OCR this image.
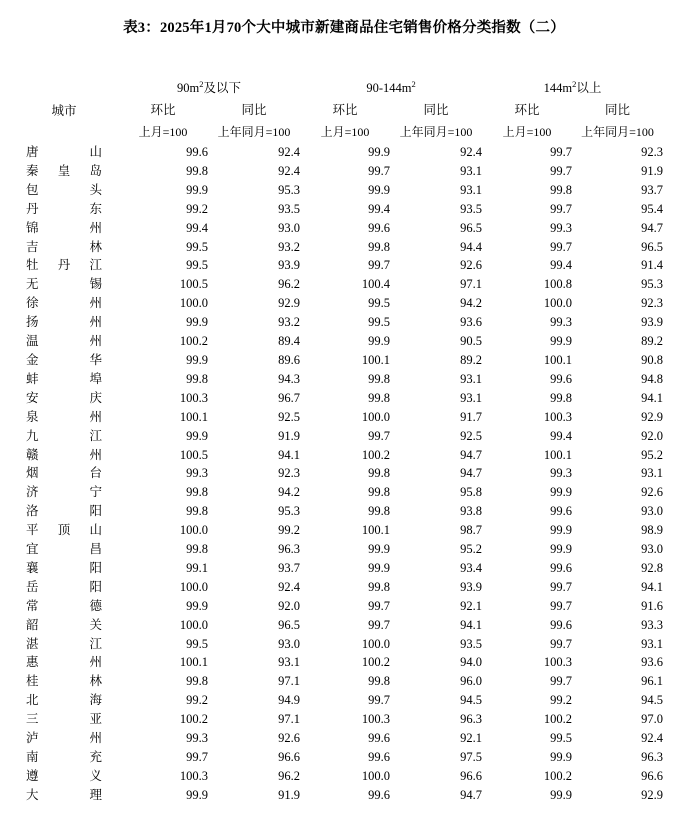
表3：2025年1月70个大中城市新建商品住宅销售价格分类指数（二）
城市	$90m^2$及以下		$90-144m^2$		$144m^2$以上	
	环比	同比	环比	同比	环比	同比
	上月=100	上年同月=100	上月=100	上年同月=100	上月=100	上年同月=100
唐山	99.6	92.4	99.9	92.4	99.7	92.3
秦皇岛	99.8	92.4	99.7	93.1	99.7	91.9
包头	99.9	95.3	99.9	93.1	99.8	93.7
丹东	99.2	93.5	99.4	93.5	99.7	95.4
锦州	99.4	93.0	99.6	96.5	99.3	94.7
吉林	99.5	93.2	99.8	94.4	99.7	96.5
牡丹江	99.5	93.9	99.7	92.6	99.4	91.4
无锡	100.5	96.2	100.4	97.1	100.8	95.3
徐州	100.0	92.9	99.5	94.2	100.0	92.3
扬州	99.9	93.2	99.5	93.6	99.3	93.9
温州	100.2	89.4	99.9	90.5	99.9	89.2
金华	99.9	89.6	100.1	89.2	100.1	90.8
蚌埠	99.8	94.3	99.8	93.1	99.6	94.8
安庆	100.3	96.7	99.8	93.1	99.8	94.1
泉州	100.1	92.5	100.0	91.7	100.3	92.9
九江	99.9	91.9	99.7	92.5	99.4	92.0
赣州	100.5	94.1	100.2	94.7	100.1	95.2
烟台	99.3	92.3	99.8	94.7	99.3	93.1
济宁	99.8	94.2	99.8	95.8	99.9	92.6
洛阳	99.8	95.3	99.8	93.8	99.6	93.0
平顶山	100.0	99.2	100.1	98.7	99.9	98.9
宜昌	99.8	96.3	99.9	95.2	99.9	93.0
襄阳	99.1	93.7	99.9	93.4	99.6	92.8
岳阳	100.0	92.4	99.8	93.9	99.7	94.1
常德	99.9	92.0	99.7	92.1	99.7	91.6
韶关	100.0	96.5	99.7	94.1	99.6	93.3
湛江	99.5	93.0	100.0	93.5	99.7	93.1
惠州	100.1	93.1	100.2	94.0	100.3	93.6
桂林	99.8	97.1	99.8	96.0	99.7	96.1
北海	99.2	94.9	99.7	94.5	99.2	94.5
三亚	100.2	97.1	100.3	96.3	100.2	97.0
泸州	99.3	92.6	99.6	92.1	99.5	92.4
南充	99.7	96.6	99.6	97.5	99.9	96.3
遵义	100.3	96.2	100.0	96.6	100.2	96.6
大理	99.9	91.9	99.6	94.7	99.9	92.9
